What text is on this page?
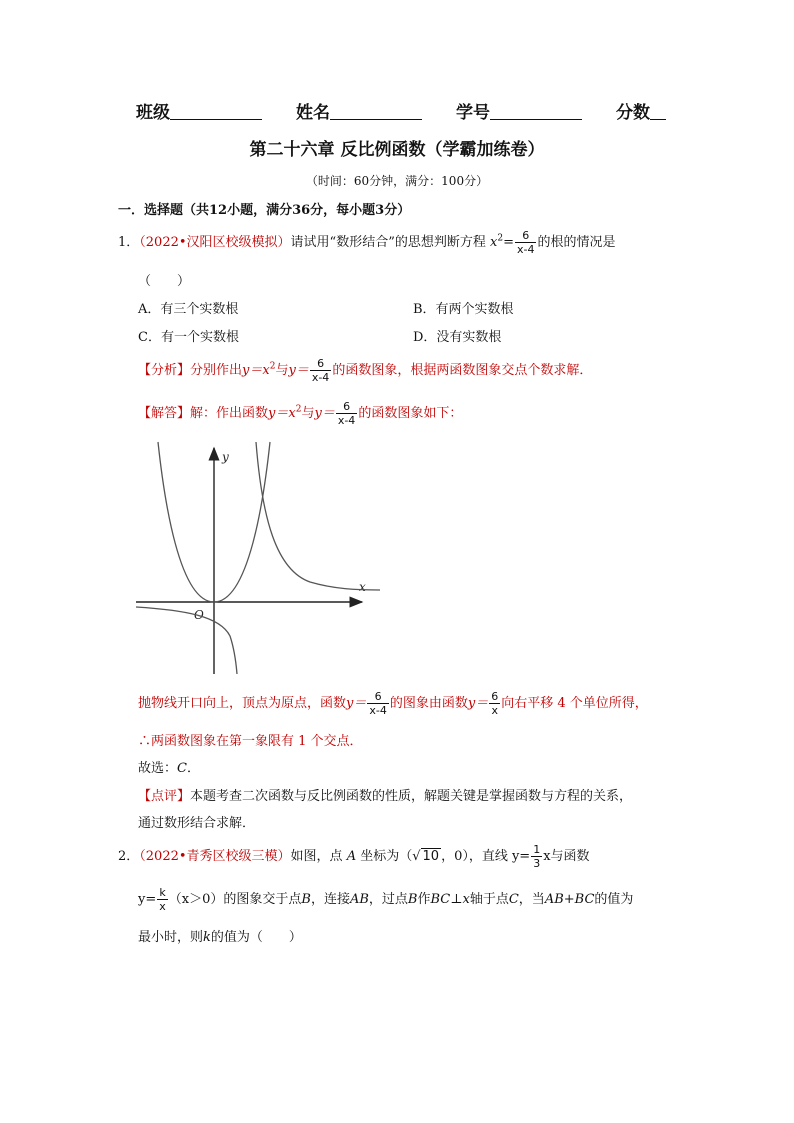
班级	姓名	学号	分数
第二十六章 反比例函数（学霸加练卷）
（时间：60分钟，满分：100分）
一．选择题（共12小题，满分36分，每小题3分）
1．（2022•汉阳区校级模拟）请试用“数形结合”的思想判断方程 $x^2= \frac{6}{x-4}$ 的根的情况是
（　　）
A．有三个实数根	B．有两个实数根
C．有一个实数根	D．没有实数根
【分析】分别作出$y=x^2$与$y= \frac{6}{x-4}$ 的函数图象，根据两函数图象交点个数求解．
【解答】解：作出函数$y=x^2$与$y= \frac{6}{x-4}$ 的函数图象如下：
x
y
O
抛物线开口向上，顶点为原点，函数$y= \frac{6}{x-4}$ 的图象由函数$y= \frac{6}{x}$ 向右平移 4 个单位所得，
∴两函数图象在第一象限有 1 个交点．
故选：C．
【点评】本题考查二次函数与反比例函数的性质，解题关键是掌握函数与方程的关系，
通过数形结合求解．
2．（2022•青秀区校级三模）如图，点 A 坐标为（√ 10 ，0），直线 $y= \frac{1}{3}$ x与函数
$y= \frac{k}{x} (x>0)$的图象交于点B，连接AB，过点B作BC⊥x轴于点C，当AB+BC的值为
最小时，则k的值为（　　）
